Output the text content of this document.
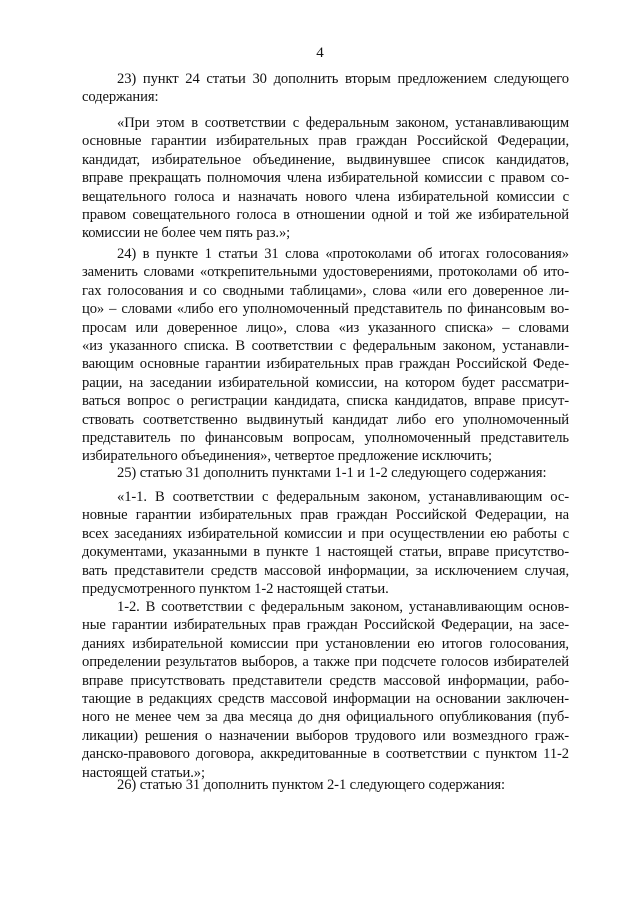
4
23) пункт 24 статьи 30 дополнить вторым предложением следующего
содержания:
«При этом в соответствии с федеральным законом, устанавливающим
основные гарантии избирательных прав граждан Российской Федерации,
кандидат, избирательное объединение, выдвинувшее список кандидатов,
вправе прекращать полномочия члена избирательной комиссии с правом со-
вещательного голоса и назначать нового члена избирательной комиссии с
правом совещательного голоса в отношении одной и той же избирательной
комиссии не более чем пять раз.»;
24) в пункте 1 статьи 31 слова «протоколами об итогах голосования»
заменить словами «открепительными удостоверениями, протоколами об ито-
гах голосования и со сводными таблицами», слова «или его доверенное ли-
цо» – словами «либо его уполномоченный представитель по финансовым во-
просам или доверенное лицо», слова «из указанного списка» – словами
«из указанного списка. В соответствии с федеральным законом, устанавли-
вающим основные гарантии избирательных прав граждан Российской Феде-
рации, на заседании избирательной комиссии, на котором будет рассматри-
ваться вопрос о регистрации кандидата, списка кандидатов, вправе присут-
ствовать соответственно выдвинутый кандидат либо его уполномоченный
представитель по финансовым вопросам, уполномоченный представитель
избирательного объединения», четвертое предложение исключить;
25) статью 31 дополнить пунктами 1-1 и 1-2 следующего содержания:
«1-1. В соответствии с федеральным законом, устанавливающим ос-
новные гарантии избирательных прав граждан Российской Федерации, на
всех заседаниях избирательной комиссии и при осуществлении ею работы с
документами, указанными в пункте 1 настоящей статьи, вправе присутство-
вать представители средств массовой информации, за исключением случая,
предусмотренного пунктом 1-2 настоящей статьи.
1-2. В соответствии с федеральным законом, устанавливающим основ-
ные гарантии избирательных прав граждан Российской Федерации, на засе-
даниях избирательной комиссии при установлении ею итогов голосования,
определении результатов выборов, а также при подсчете голосов избирателей
вправе присутствовать представители средств массовой информации, рабо-
тающие в редакциях средств массовой информации на основании заключен-
ного не менее чем за два месяца до дня официального опубликования (пуб-
ликации) решения о назначении выборов трудового или возмездного граж-
данско-правового договора, аккредитованные в соответствии с пунктом 11-2
настоящей статьи.»;
26) статью 31 дополнить пунктом 2-1 следующего содержания:
